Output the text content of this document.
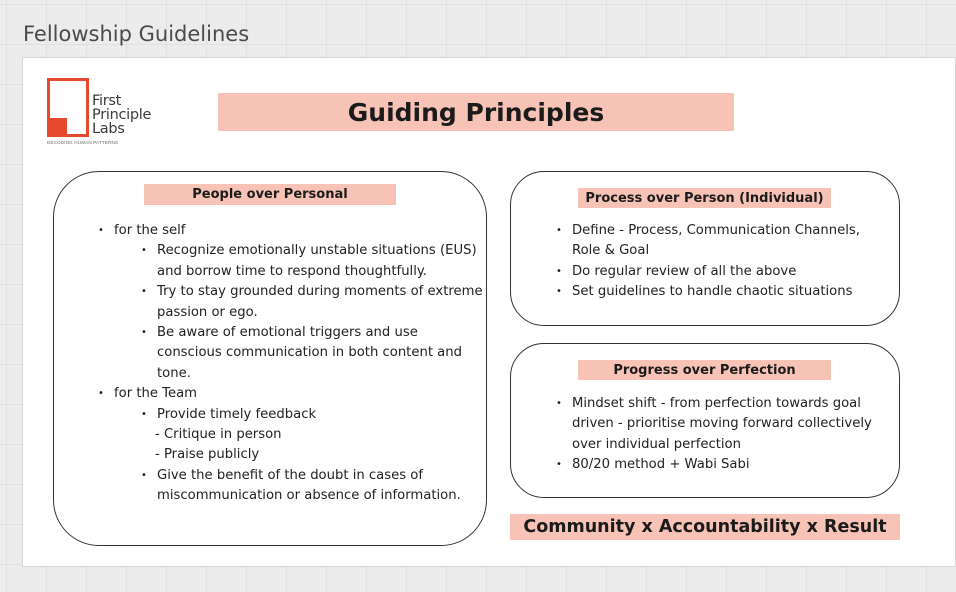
Fellowship Guidelines
First
Principle
Labs
DECODING HUMAN PATTERNS
Guiding Principles
People over Personal
• for the self
• Recognize emotionally unstable situations (EUS) and borrow time to respond thoughtfully.
• Try to stay grounded during moments of extreme passion or ego.
• Be aware of emotional triggers and use conscious communication in both content and tone.
• for the Team
• Provide timely feedback
- Critique in person
- Praise publicly
• Give the benefit of the doubt in cases of miscommunication or absence of information.
Process over Person (Individual)
• Define - Process, Communication Channels, Role & Goal
• Do regular review of all the above
• Set guidelines to handle chaotic situations
Progress over Perfection
• Mindset shift - from perfection towards goal driven - prioritise moving forward collectively over individual perfection
• 80/20 method + Wabi Sabi
Community x Accountability x Result
